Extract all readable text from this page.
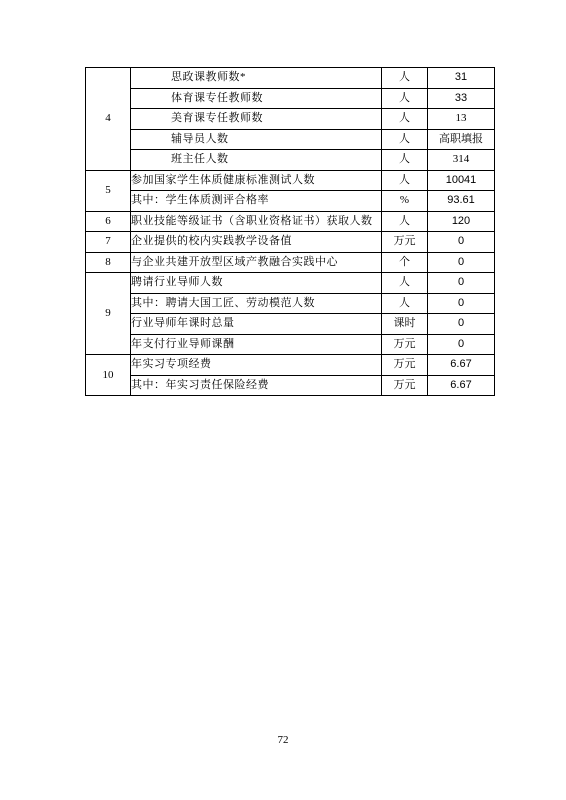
4	思政课教师数*	人	31
	体育课专任教师数	人	33
	美育课专任教师数	人	13
	辅导员人数	人	高职填报
	班主任人数	人	314
5	参加国家学生体质健康标准测试人数	人	10041
	其中：学生体质测评合格率	%	93.61
6	职业技能等级证书（含职业资格证书）获取人数	人	120
7	企业提供的校内实践教学设备值	万元	0
8	与企业共建开放型区域产教融合实践中心	个	0
9	聘请行业导师人数	人	0
	其中：聘请大国工匠、劳动模范人数	人	0
	行业导师年课时总量	课时	0
	年支付行业导师课酬	万元	0
10	年实习专项经费	万元	6.67
	其中：年实习责任保险经费	万元	6.67
72
